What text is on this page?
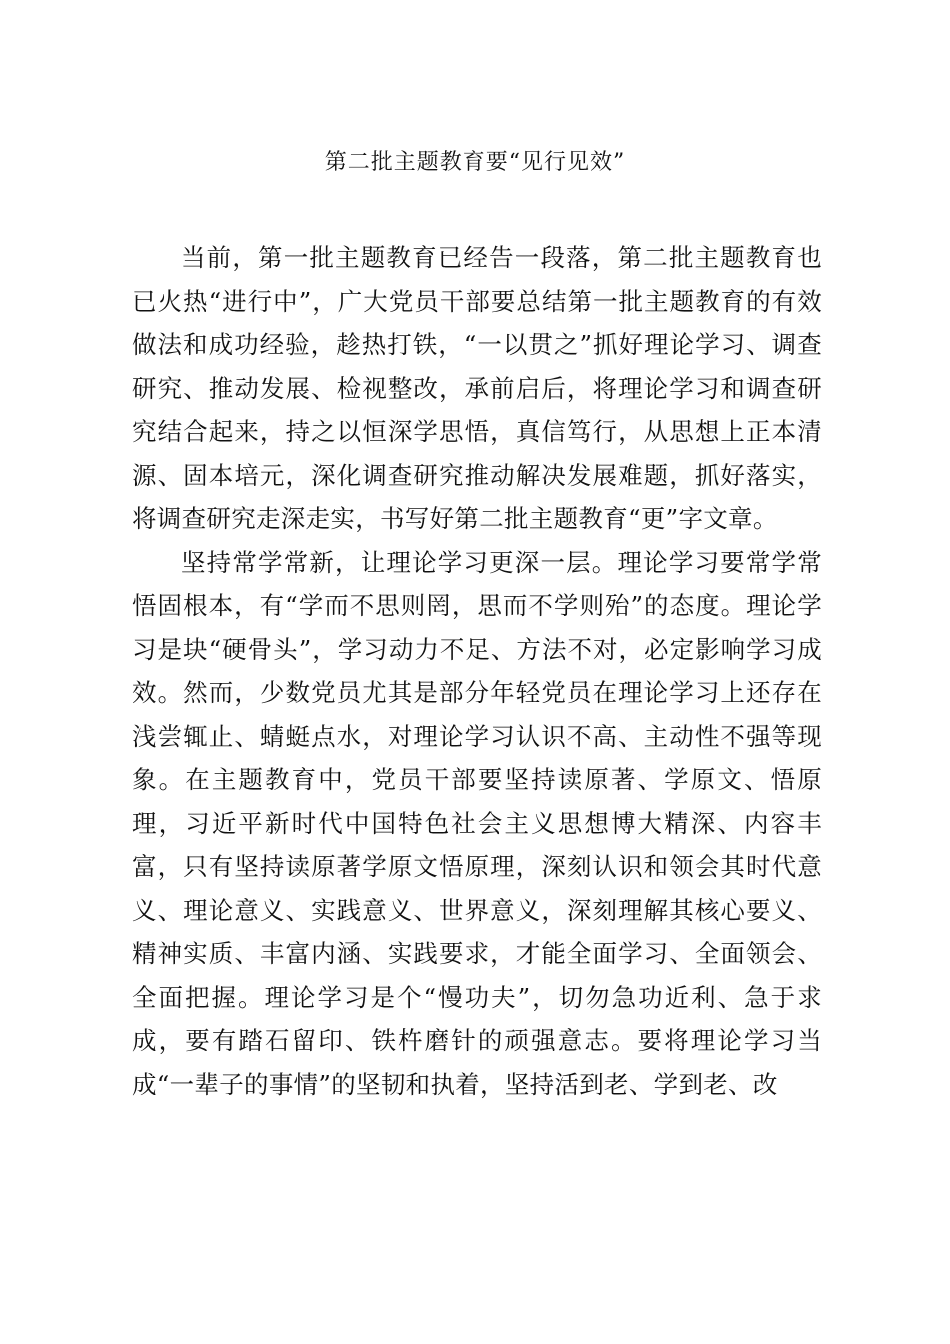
第二批主题教育要“见行见效”

当前，第一批主题教育已经告一段落，第二批主题教育也已火热“进行中”，广大党员干部要总结第一批主题教育的有效做法和成功经验，趁热打铁，“一以贯之”抓好理论学习、调查研究、推动发展、检视整改，承前启后，将理论学习和调查研究结合起来，持之以恒深学思悟，真信笃行，从思想上正本清源、固本培元，深化调查研究推动解决发展难题，抓好落实，将调查研究走深走实，书写好第二批主题教育“更”字文章。

坚持常学常新，让理论学习更深一层。理论学习要常学常悟固根本，有“学而不思则罔，思而不学则殆”的态度。理论学习是块“硬骨头”，学习动力不足、方法不对，必定影响学习成效。然而，少数党员尤其是部分年轻党员在理论学习上还存在浅尝辄止、蜻蜓点水，对理论学习认识不高、主动性不强等现象。在主题教育中，党员干部要坚持读原著、学原文、悟原理，习近平新时代中国特色社会主义思想博大精深、内容丰富，只有坚持读原著学原文悟原理，深刻认识和领会其时代意义、理论意义、实践意义、世界意义，深刻理解其核心要义、精神实质、丰富内涵、实践要求，才能全面学习、全面领会、全面把握。理论学习是个“慢功夫”，切勿急功近利、急于求成，要有踏石留印、铁杵磨针的顽强意志。要将理论学习当成“一辈子的事情”的坚韧和执着，坚持活到老、学到老、改
